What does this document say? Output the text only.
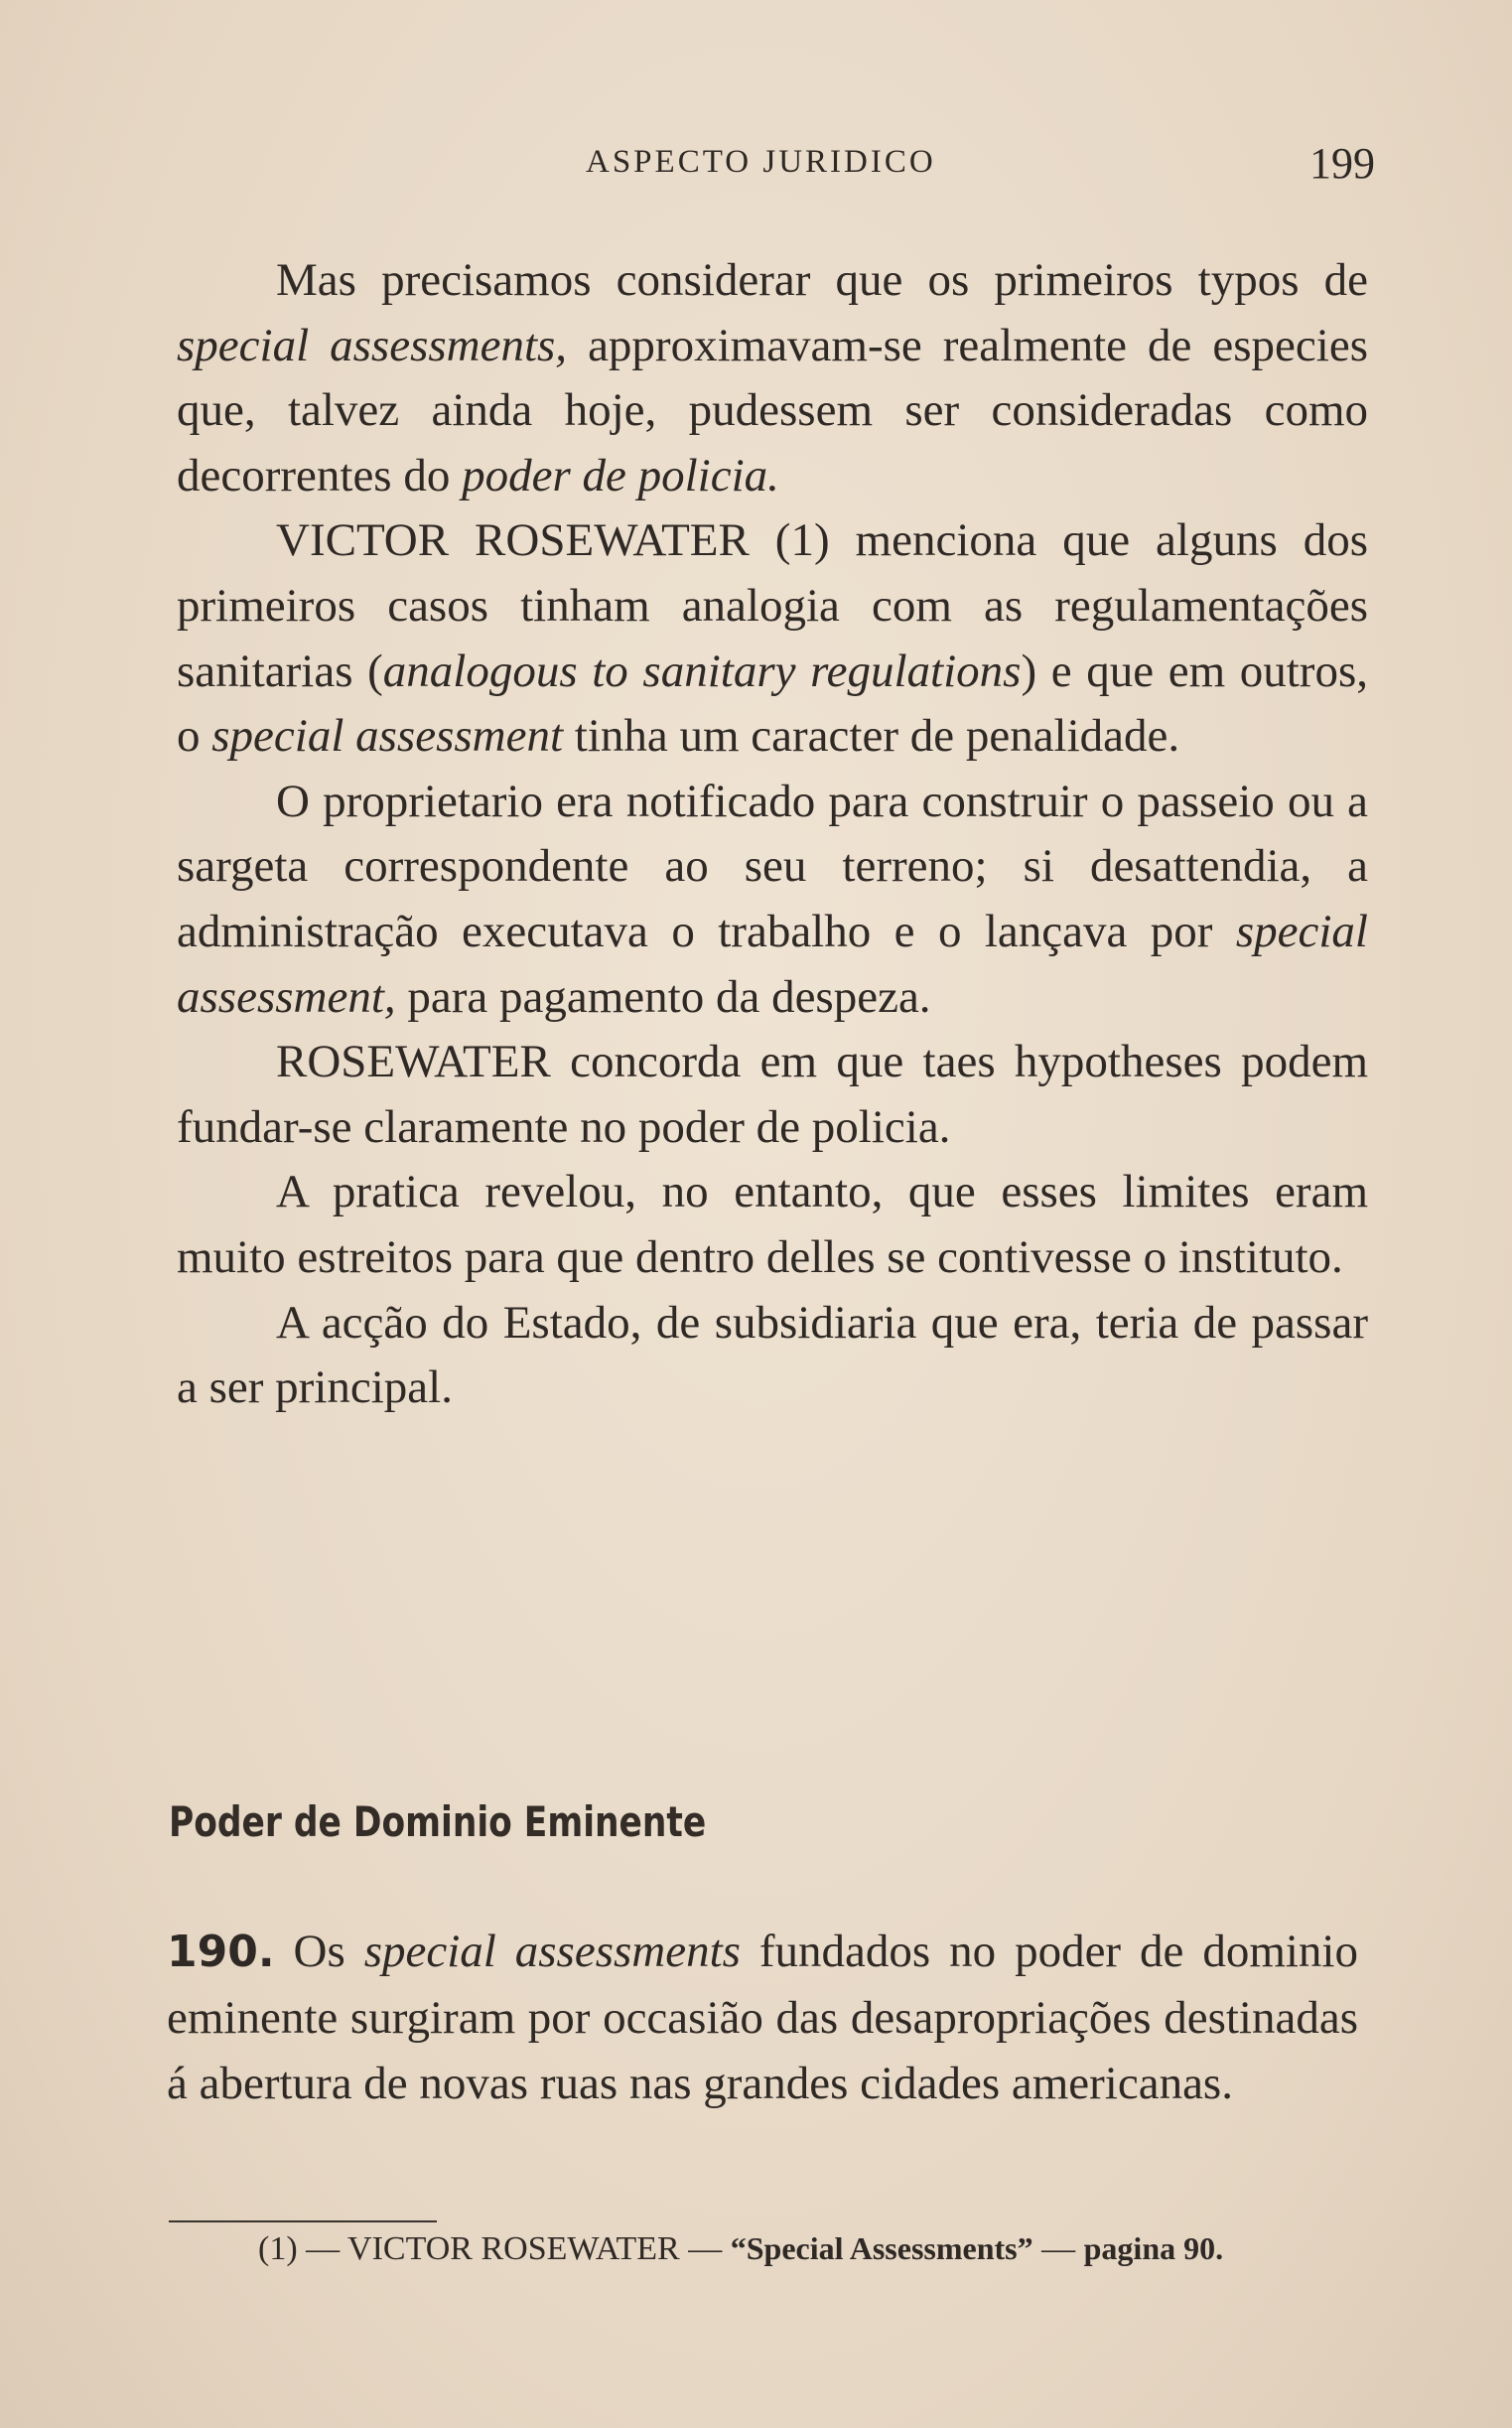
ASPECTO JURIDICO	199

Mas precisamos considerar que os primeiros typos de special assessments, approximavam-se realmente de especies que, talvez ainda hoje, pudessem ser consideradas como decorrentes do poder de policia.

VICTOR ROSEWATER (1) menciona que alguns dos primeiros casos tinham analogia com as regulamentações sanitarias (analogous to sanitary regulations) e que em outros, o special assessment tinha um caracter de penalidade.

O proprietario era notificado para construir o passeio ou a sargeta correspondente ao seu terreno; si desattendia, a administração executava o trabalho e o lançava por special assessment, para pagamento da despeza.

ROSEWATER concorda em que taes hypotheses podem fundar-se claramente no poder de policia.

A pratica revelou, no entanto, que esses limites eram muito estreitos para que dentro delles se contivesse o instituto.

A acção do Estado, de subsidiaria que era, teria de passar a ser principal.

Poder de Dominio Eminente
190. Os special assessments fundados no poder de dominio eminente surgiram por occasião das desapropriações destinadas á abertura de novas ruas nas grandes cidades americanas.

(1) — VICTOR ROSEWATER — “Special Assessments” — pagina 90.
